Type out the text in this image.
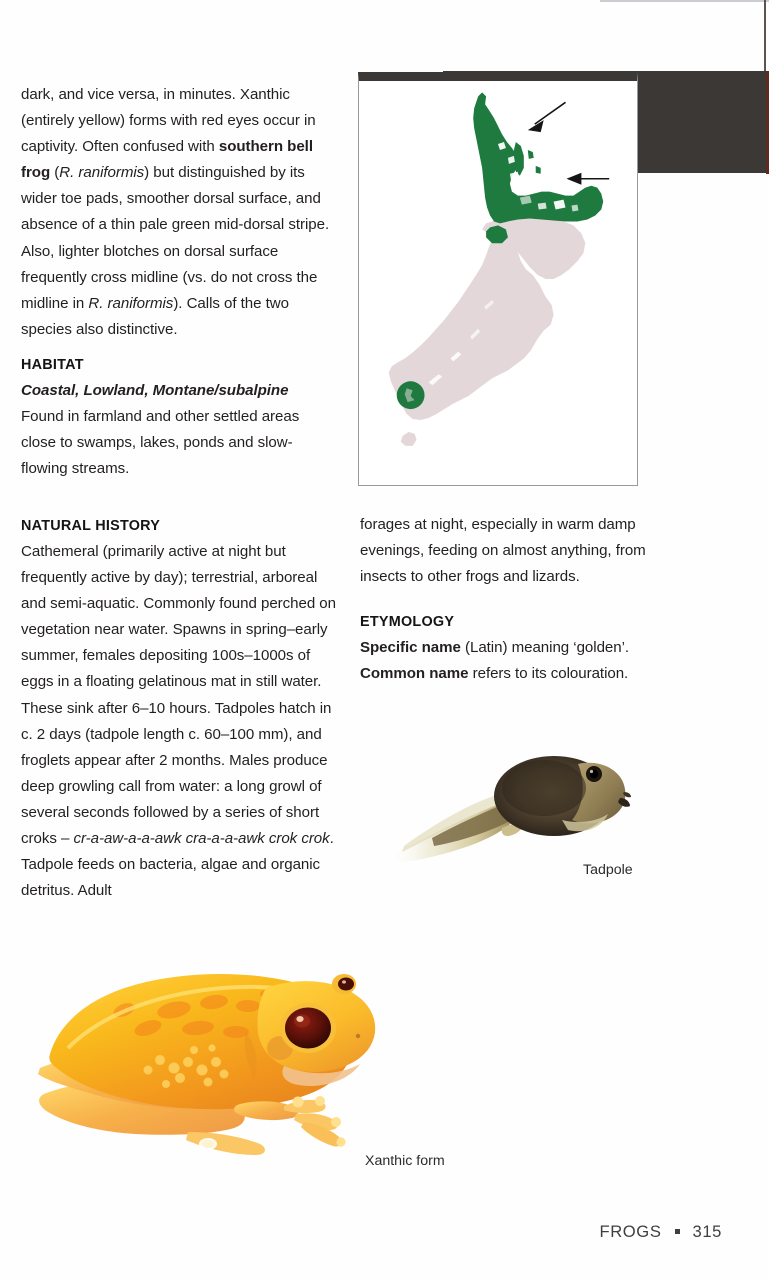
dark, and vice versa, in minutes. Xanthic (entirely yellow) forms with red eyes occur in captivity. Often confused with southern bell frog (R. raniformis) but distinguished by its wider toe pads, smoother dorsal surface, and absence of a thin pale green mid-dorsal stripe. Also, lighter blotches on dorsal surface frequently cross midline (vs. do not cross the midline in R. raniformis). Calls of the two species also distinctive.

HABITAT

Coastal, Lowland, Montane/subalpine

Found in farmland and other settled areas close to swamps, lakes, ponds and slow-flowing streams.

NATURAL HISTORY

Cathemeral (primarily active at night but frequently active by day); terrestrial, arboreal and semi-aquatic. Commonly found perched on vegetation near water. Spawns in spring–early summer, females depositing 100s–1000s of eggs in a floating gelatinous mat in still water. These sink after 6–10 hours. Tadpoles hatch in c. 2 days (tadpole length c. 60–100 mm), and froglets appear after 2 months. Males produce deep growling call from water: a long growl of several seconds followed by a series of short croks – cr-a-aw-a-a-awk cra-a-a-awk crok crok. Tadpole feeds on bacteria, algae and organic detritus. Adult

forages at night, especially in warm damp evenings, feeding on almost anything, from insects to other frogs and lizards.

ETYMOLOGY

Specific name (Latin) meaning ‘golden’.

Common name refers to its colouration.

Tadpole
Xanthic form
FROGS 315
